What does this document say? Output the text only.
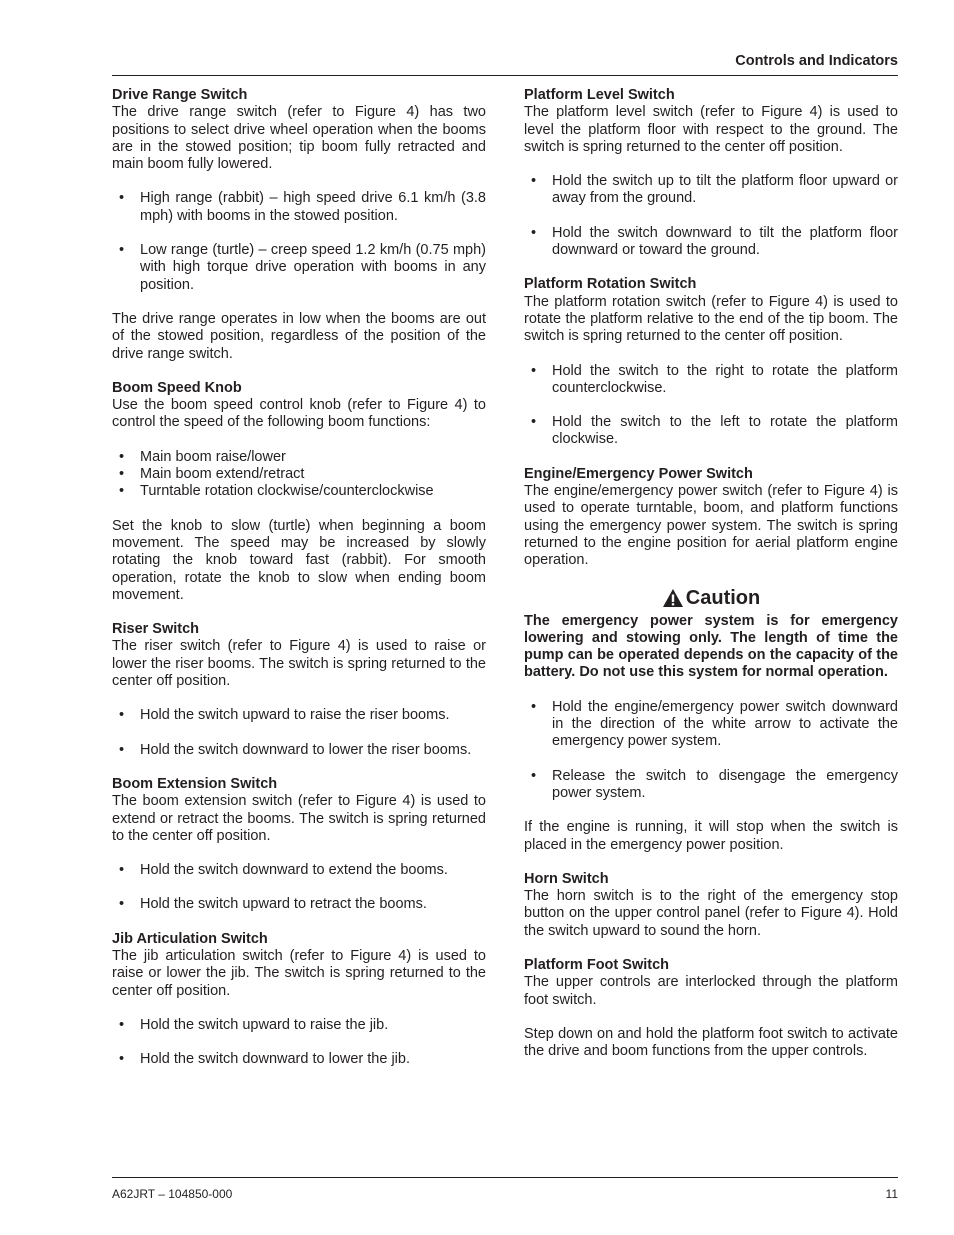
Controls and Indicators
Drive Range Switch

The drive range switch (refer to Figure 4) has two positions to select drive wheel operation when the booms are in the stowed position; tip boom fully retracted and main boom fully lowered.

• High range (rabbit) – high speed drive 6.1 km/h (3.8 mph) with booms in the stowed position.
• Low range (turtle) – creep speed 1.2 km/h (0.75 mph) with high torque drive operation with booms in any position.

The drive range operates in low when the booms are out of the stowed position, regardless of the position of the drive range switch.

Boom Speed Knob

Use the boom speed control knob (refer to Figure 4) to control the speed of the following boom functions:

• Main boom raise/lower
• Main boom extend/retract
• Turntable rotation clockwise/counterclockwise

Set the knob to slow (turtle) when beginning a boom movement. The speed may be increased by slowly rotating the knob toward fast (rabbit). For smooth operation, rotate the knob to slow when ending boom movement.

Riser Switch

The riser switch (refer to Figure 4) is used to raise or lower the riser booms. The switch is spring returned to the center off position.

• Hold the switch upward to raise the riser booms.
• Hold the switch downward to lower the riser booms.
Boom Extension Switch

The boom extension switch (refer to Figure 4) is used to extend or retract the booms. The switch is spring returned to the center off position.

• Hold the switch downward to extend the booms.
• Hold the switch upward to retract the booms.
Jib Articulation Switch

The jib articulation switch (refer to Figure 4) is used to raise or lower the jib. The switch is spring returned to the center off position.

• Hold the switch upward to raise the jib.
• Hold the switch downward to lower the jib.
Platform Level Switch

The platform level switch (refer to Figure 4) is used to level the platform floor with respect to the ground. The switch is spring returned to the center off position.

• Hold the switch up to tilt the platform floor upward or away from the ground.
• Hold the switch downward to tilt the platform floor downward or toward the ground.
Platform Rotation Switch

The platform rotation switch (refer to Figure 4) is used to rotate the platform relative to the end of the tip boom. The switch is spring returned to the center off position.

• Hold the switch to the right to rotate the platform counterclockwise.
• Hold the switch to the left to rotate the platform clockwise.
Engine/Emergency Power Switch

The engine/emergency power switch (refer to Figure 4) is used to operate turntable, boom, and platform functions using the emergency power system. The switch is spring returned to the engine position for aerial platform engine operation.

Caution

The emergency power system is for emergency lowering and stowing only. The length of time the pump can be operated depends on the capacity of the battery. Do not use this system for normal operation.

• Hold the engine/emergency power switch downward in the direction of the white arrow to activate the emergency power system.
• Release the switch to disengage the emergency power system.

If the engine is running, it will stop when the switch is placed in the emergency power position.

Horn Switch

The horn switch is to the right of the emergency stop button on the upper control panel (refer to Figure 4). Hold the switch upward to sound the horn.

Platform Foot Switch

The upper controls are interlocked through the platform foot switch.

Step down on and hold the platform foot switch to activate the drive and boom functions from the upper controls.

A62JRT – 104850-000	11
